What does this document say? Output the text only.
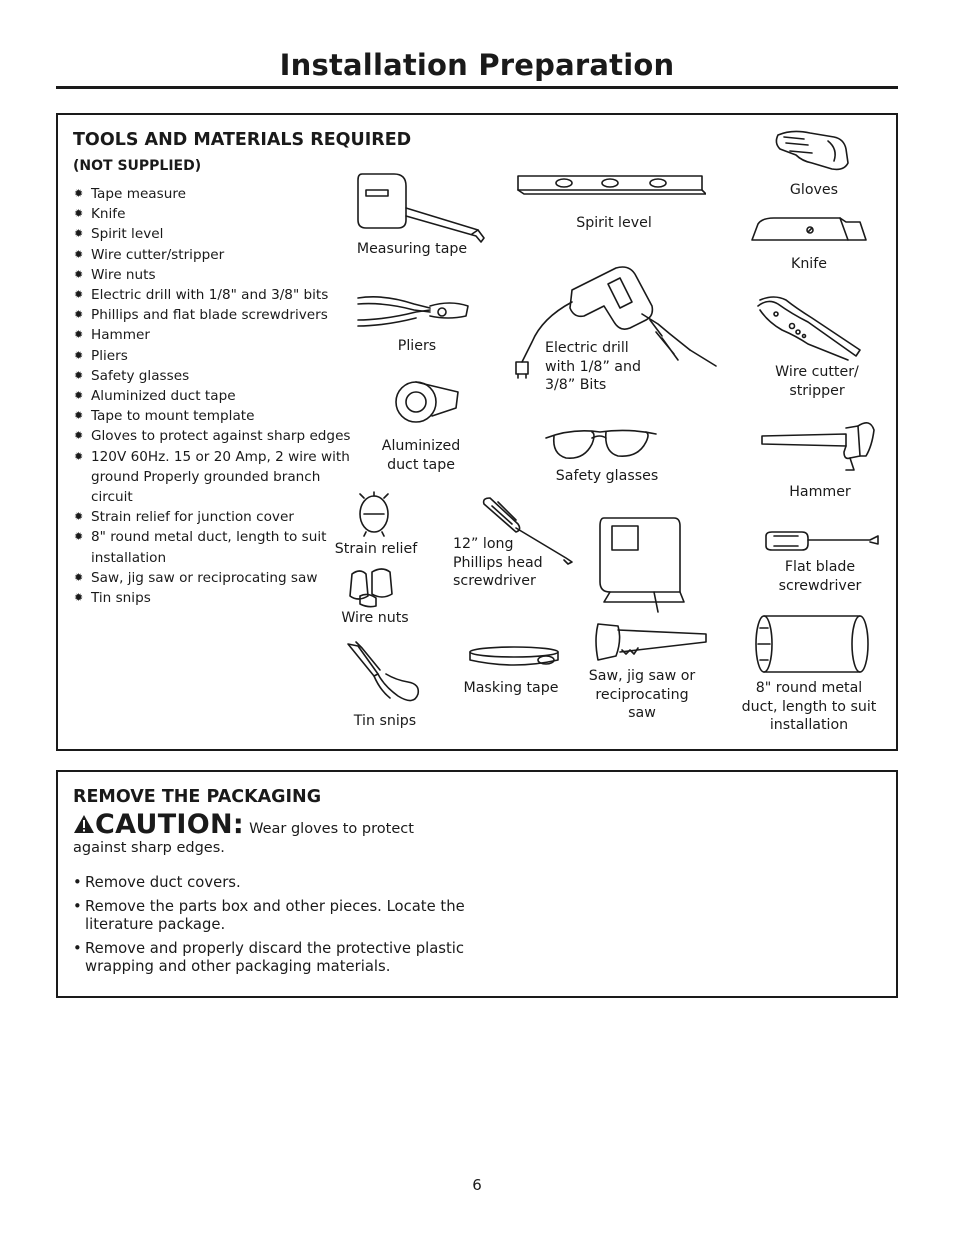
Installation Preparation
TOOLS AND MATERIALS REQUIRED
(NOT SUPPLIED)
✹ Tape measure
✹ Knife
✹ Spirit level
✹ Wire cutter/stripper
✹ Wire nuts
✹ Electric drill with 1/8" and 3/8" bits
✹ Phillips and flat blade screwdrivers
✹ Hammer
✹ Pliers
✹ Safety glasses
✹ Aluminized duct tape
✹ Tape to mount template
✹ Gloves to protect against sharp edges
✹ 120V 60Hz. 15 or 20 Amp, 2 wire with ground Properly grounded branch circuit
✹ Strain relief for junction cover
✹ 8" round metal duct, length to suit installation
✹ Saw, jig saw or reciprocating saw
✹ Tin snips
Measuring tape
Spirit level
Gloves
Knife
Pliers	Electric drill with 1/8” and 3/8” Bits
Wire cutter/ stripper
Aluminized duct tape
Safety glasses
Hammer
Strain relief	12” long Phillips head screwdriver
Flat blade screwdriver
Saw, jig saw or reciprocating saw
8" round metal duct, length to suit installation
Wire nuts
Tin snips
Masking tape
REMOVE THE PACKAGING
CAUTION: Wear gloves to protect against sharp edges.
• Remove duct covers.
• Remove the parts box and other pieces. Locate the literature package.
• Remove and properly discard the protective plastic wrapping and other packaging materials.
6
